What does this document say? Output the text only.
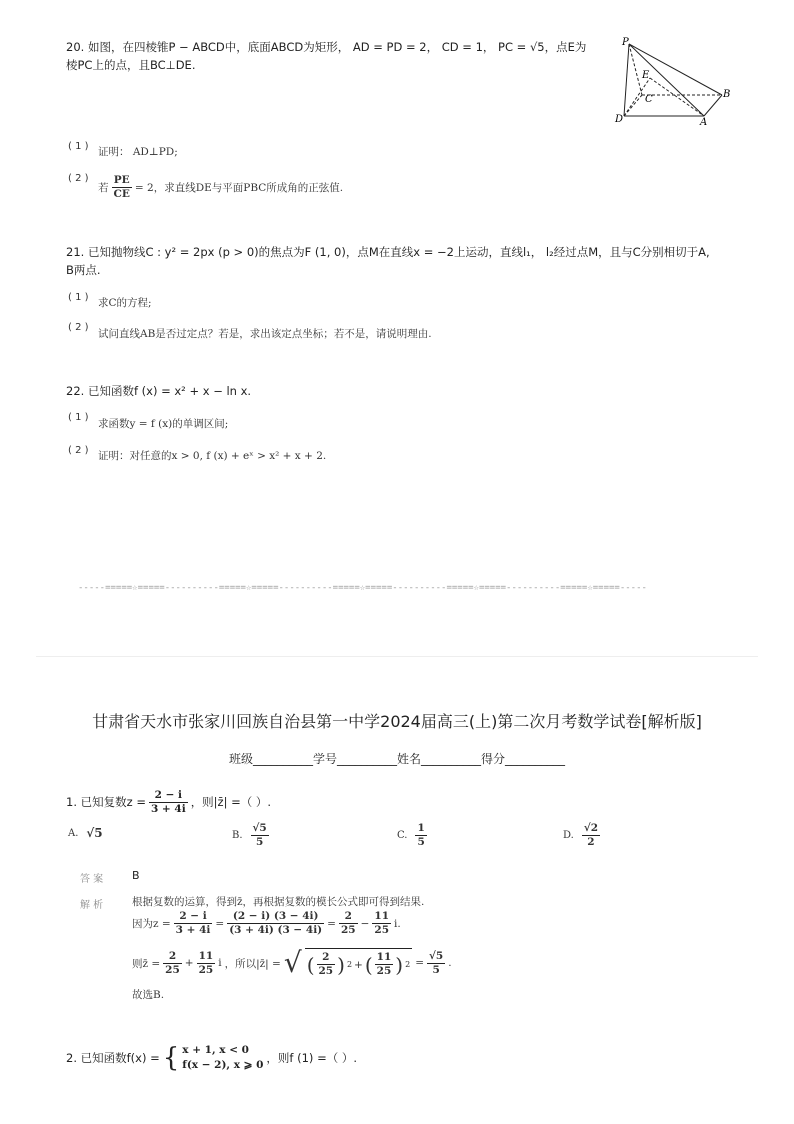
20. 如图，在四棱锥P − ABCD中，底面ABCD为矩形， AD = PD = 2， CD = 1， PC = √5，点E为
棱PC上的点，且BC⊥DE.
P
E
C	B
D	A
( 1 ) 证明： AD⊥PD;
( 2 )
若 $\frac{PE}{CE} = 2$，求直线DE与平面PBC所成角的正弦值.
21. 已知抛物线C : y² = 2px (p > 0)的焦点为F (1, 0)，点M在直线x = −2上运动，直线l₁， l₂经过点M，且与C分别相切于A,
B两点.
( 1 ) 求C的方程;
( 2 )
试问直线AB是否过定点？若是，求出该定点坐标；若不是，请说明理由.
22. 已知函数f (x) = x² + x − ln x.
( 1 )
求函数y = f (x)的单调区间;
( 2 ) 证明：对任意的x > 0, f (x) + eˣ > x² + x + 2.
-----=====☆=====----------=====☆=====----------=====☆=====----------=====☆=====----------=====☆=====-----
甘肃省天水市张家川回族自治县第一中学2024届高三(上)第二次月考数学试卷[解析版]
班级__________学号__________姓名__________得分__________
1. 已知复数$z = \frac{2 - i}{3 + 4i}$ ，则|z̄| =（ ）.
A. √5	B. $\frac{√5}{5}$	C. $\frac{1}{5}$	D. $\frac{√2}{2}$
答 案	B
解 析	根据复数的运算，得到z̄，再根据复数的模长公式即可得到结果.
因为$z = \frac{2 - i}{3 + 4i} = \frac{(2 - i) (3 - 4i)}{(3 + 4i) (3 - 4i)} = \frac{2}{25} - \frac{11}{25} i$.
则z̄ = $\frac{2}{25} + \frac{11}{25}$ i ，所以|z̄| = √ ( $\frac{2}{25}$ ) 2 + ( $\frac{11}{25}$ ) $2 = \frac{√5}{5}$ .
故选B.
2. 已知函数f(x) = { x + 1, x < 0
f(x − 2), x ⩾ 0
，则f (1) =（ ）.
